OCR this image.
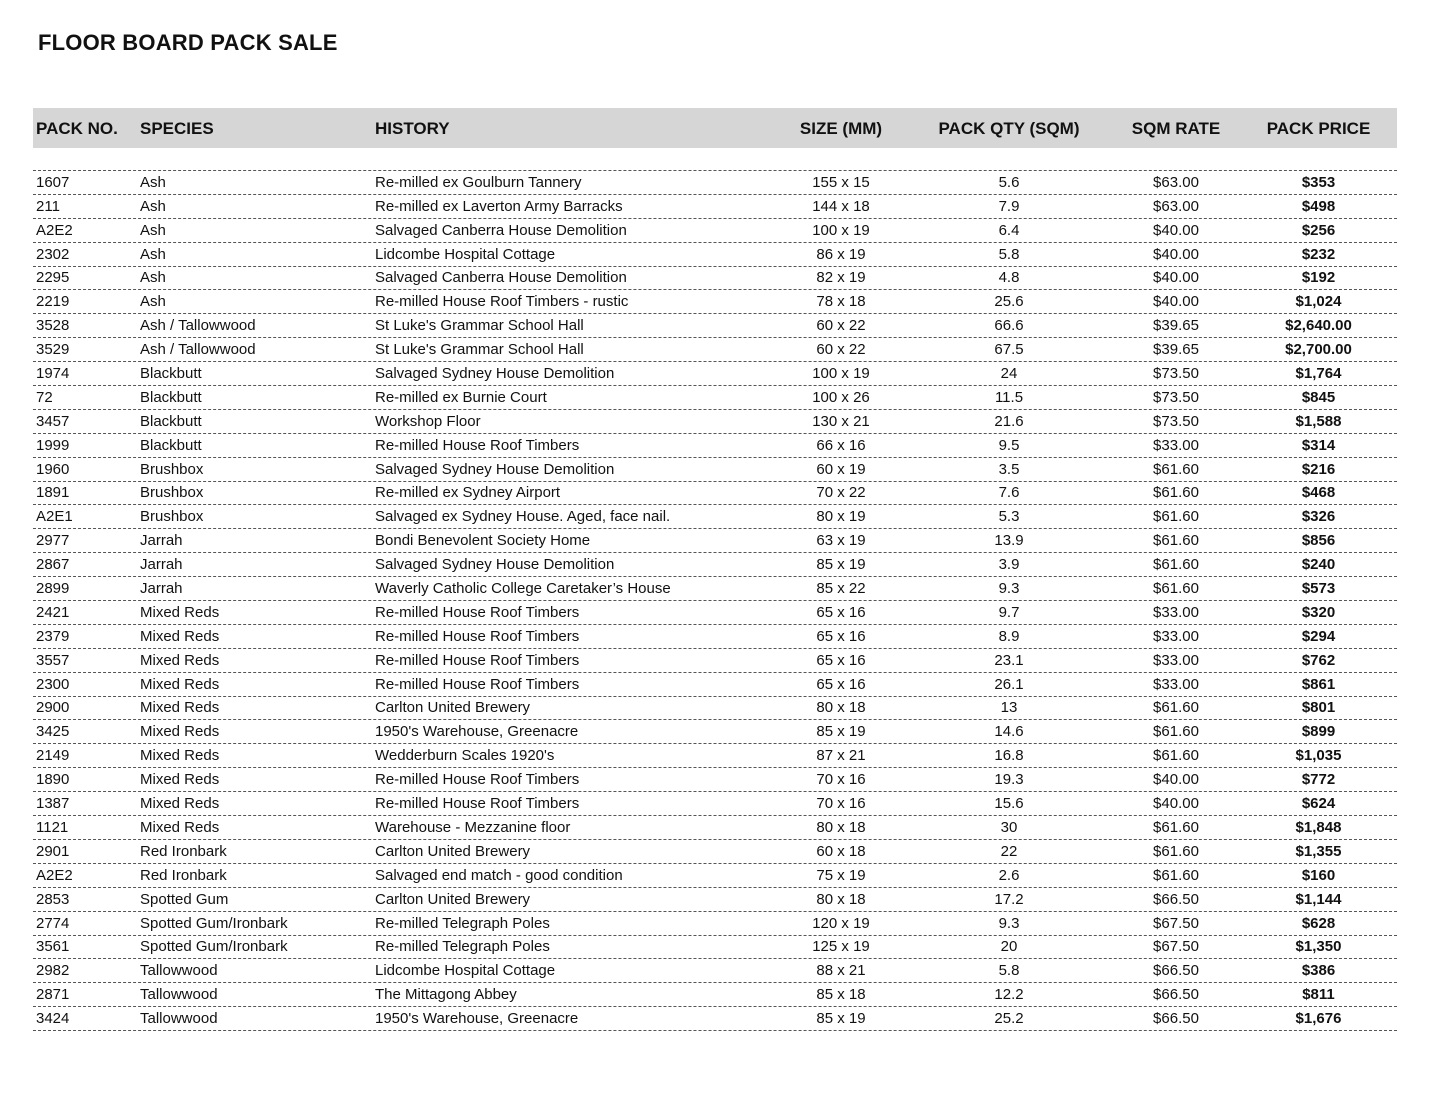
FLOOR BOARD PACK SALE
PACK NO.	SPECIES	HISTORY	SIZE (MM)	PACK QTY (SQM)	SQM RATE	PACK PRICE
1607	Ash	Re-milled ex Goulburn Tannery	155 x 15	5.6	$63.00	$353
211	Ash	Re-milled ex Laverton Army Barracks	144 x 18	7.9	$63.00	$498
A2E2	Ash	Salvaged Canberra House Demolition	100 x 19	6.4	$40.00	$256
2302	Ash	Lidcombe Hospital Cottage	86 x 19	5.8	$40.00	$232
2295	Ash	Salvaged Canberra House Demolition	82 x 19	4.8	$40.00	$192
2219	Ash	Re-milled House Roof Timbers - rustic	78 x 18	25.6	$40.00	$1,024
3528	Ash / Tallowwood	St Luke's Grammar School Hall	60 x 22	66.6	$39.65	$2,640.00
3529	Ash / Tallowwood	St Luke's Grammar School Hall	60 x 22	67.5	$39.65	$2,700.00
1974	Blackbutt	Salvaged Sydney House Demolition	100 x 19	24	$73.50	$1,764
72	Blackbutt	Re-milled ex Burnie Court	100 x 26	11.5	$73.50	$845
3457	Blackbutt	Workshop Floor	130 x 21	21.6	$73.50	$1,588
1999	Blackbutt	Re-milled House Roof Timbers	66 x 16	9.5	$33.00	$314
1960	Brushbox	Salvaged Sydney House Demolition	60 x 19	3.5	$61.60	$216
1891	Brushbox	Re-milled ex Sydney Airport	70 x 22	7.6	$61.60	$468
A2E1	Brushbox	Salvaged ex Sydney House. Aged, face nail.	80 x 19	5.3	$61.60	$326
2977	Jarrah	Bondi Benevolent Society Home	63 x 19	13.9	$61.60	$856
2867	Jarrah	Salvaged Sydney House Demolition	85 x 19	3.9	$61.60	$240
2899	Jarrah	Waverly Catholic College Caretaker’s House	85 x 22	9.3	$61.60	$573
2421	Mixed Reds	Re-milled House Roof Timbers	65 x 16	9.7	$33.00	$320
2379	Mixed Reds	Re-milled House Roof Timbers	65 x 16	8.9	$33.00	$294
3557	Mixed Reds	Re-milled House Roof Timbers	65 x 16	23.1	$33.00	$762
2300	Mixed Reds	Re-milled House Roof Timbers	65 x 16	26.1	$33.00	$861
2900	Mixed Reds	Carlton United Brewery	80 x 18	13	$61.60	$801
3425	Mixed Reds	1950's Warehouse, Greenacre	85 x 19	14.6	$61.60	$899
2149	Mixed Reds	Wedderburn Scales 1920's	87 x 21	16.8	$61.60	$1,035
1890	Mixed Reds	Re-milled House Roof Timbers	70 x 16	19.3	$40.00	$772
1387	Mixed Reds	Re-milled House Roof Timbers	70 x 16	15.6	$40.00	$624
1121	Mixed Reds	Warehouse - Mezzanine floor	80 x 18	30	$61.60	$1,848
2901	Red Ironbark	Carlton United Brewery	60 x 18	22	$61.60	$1,355
A2E2	Red Ironbark	Salvaged end match - good condition	75 x 19	2.6	$61.60	$160
2853	Spotted Gum	Carlton United Brewery	80 x 18	17.2	$66.50	$1,144
2774	Spotted Gum/Ironbark	Re-milled Telegraph Poles	120 x 19	9.3	$67.50	$628
3561	Spotted Gum/Ironbark	Re-milled Telegraph Poles	125 x 19	20	$67.50	$1,350
2982	Tallowwood	Lidcombe Hospital Cottage	88 x 21	5.8	$66.50	$386
2871	Tallowwood	The Mittagong Abbey	85 x 18	12.2	$66.50	$811
3424	Tallowwood	1950's Warehouse, Greenacre	85 x 19	25.2	$66.50	$1,676
